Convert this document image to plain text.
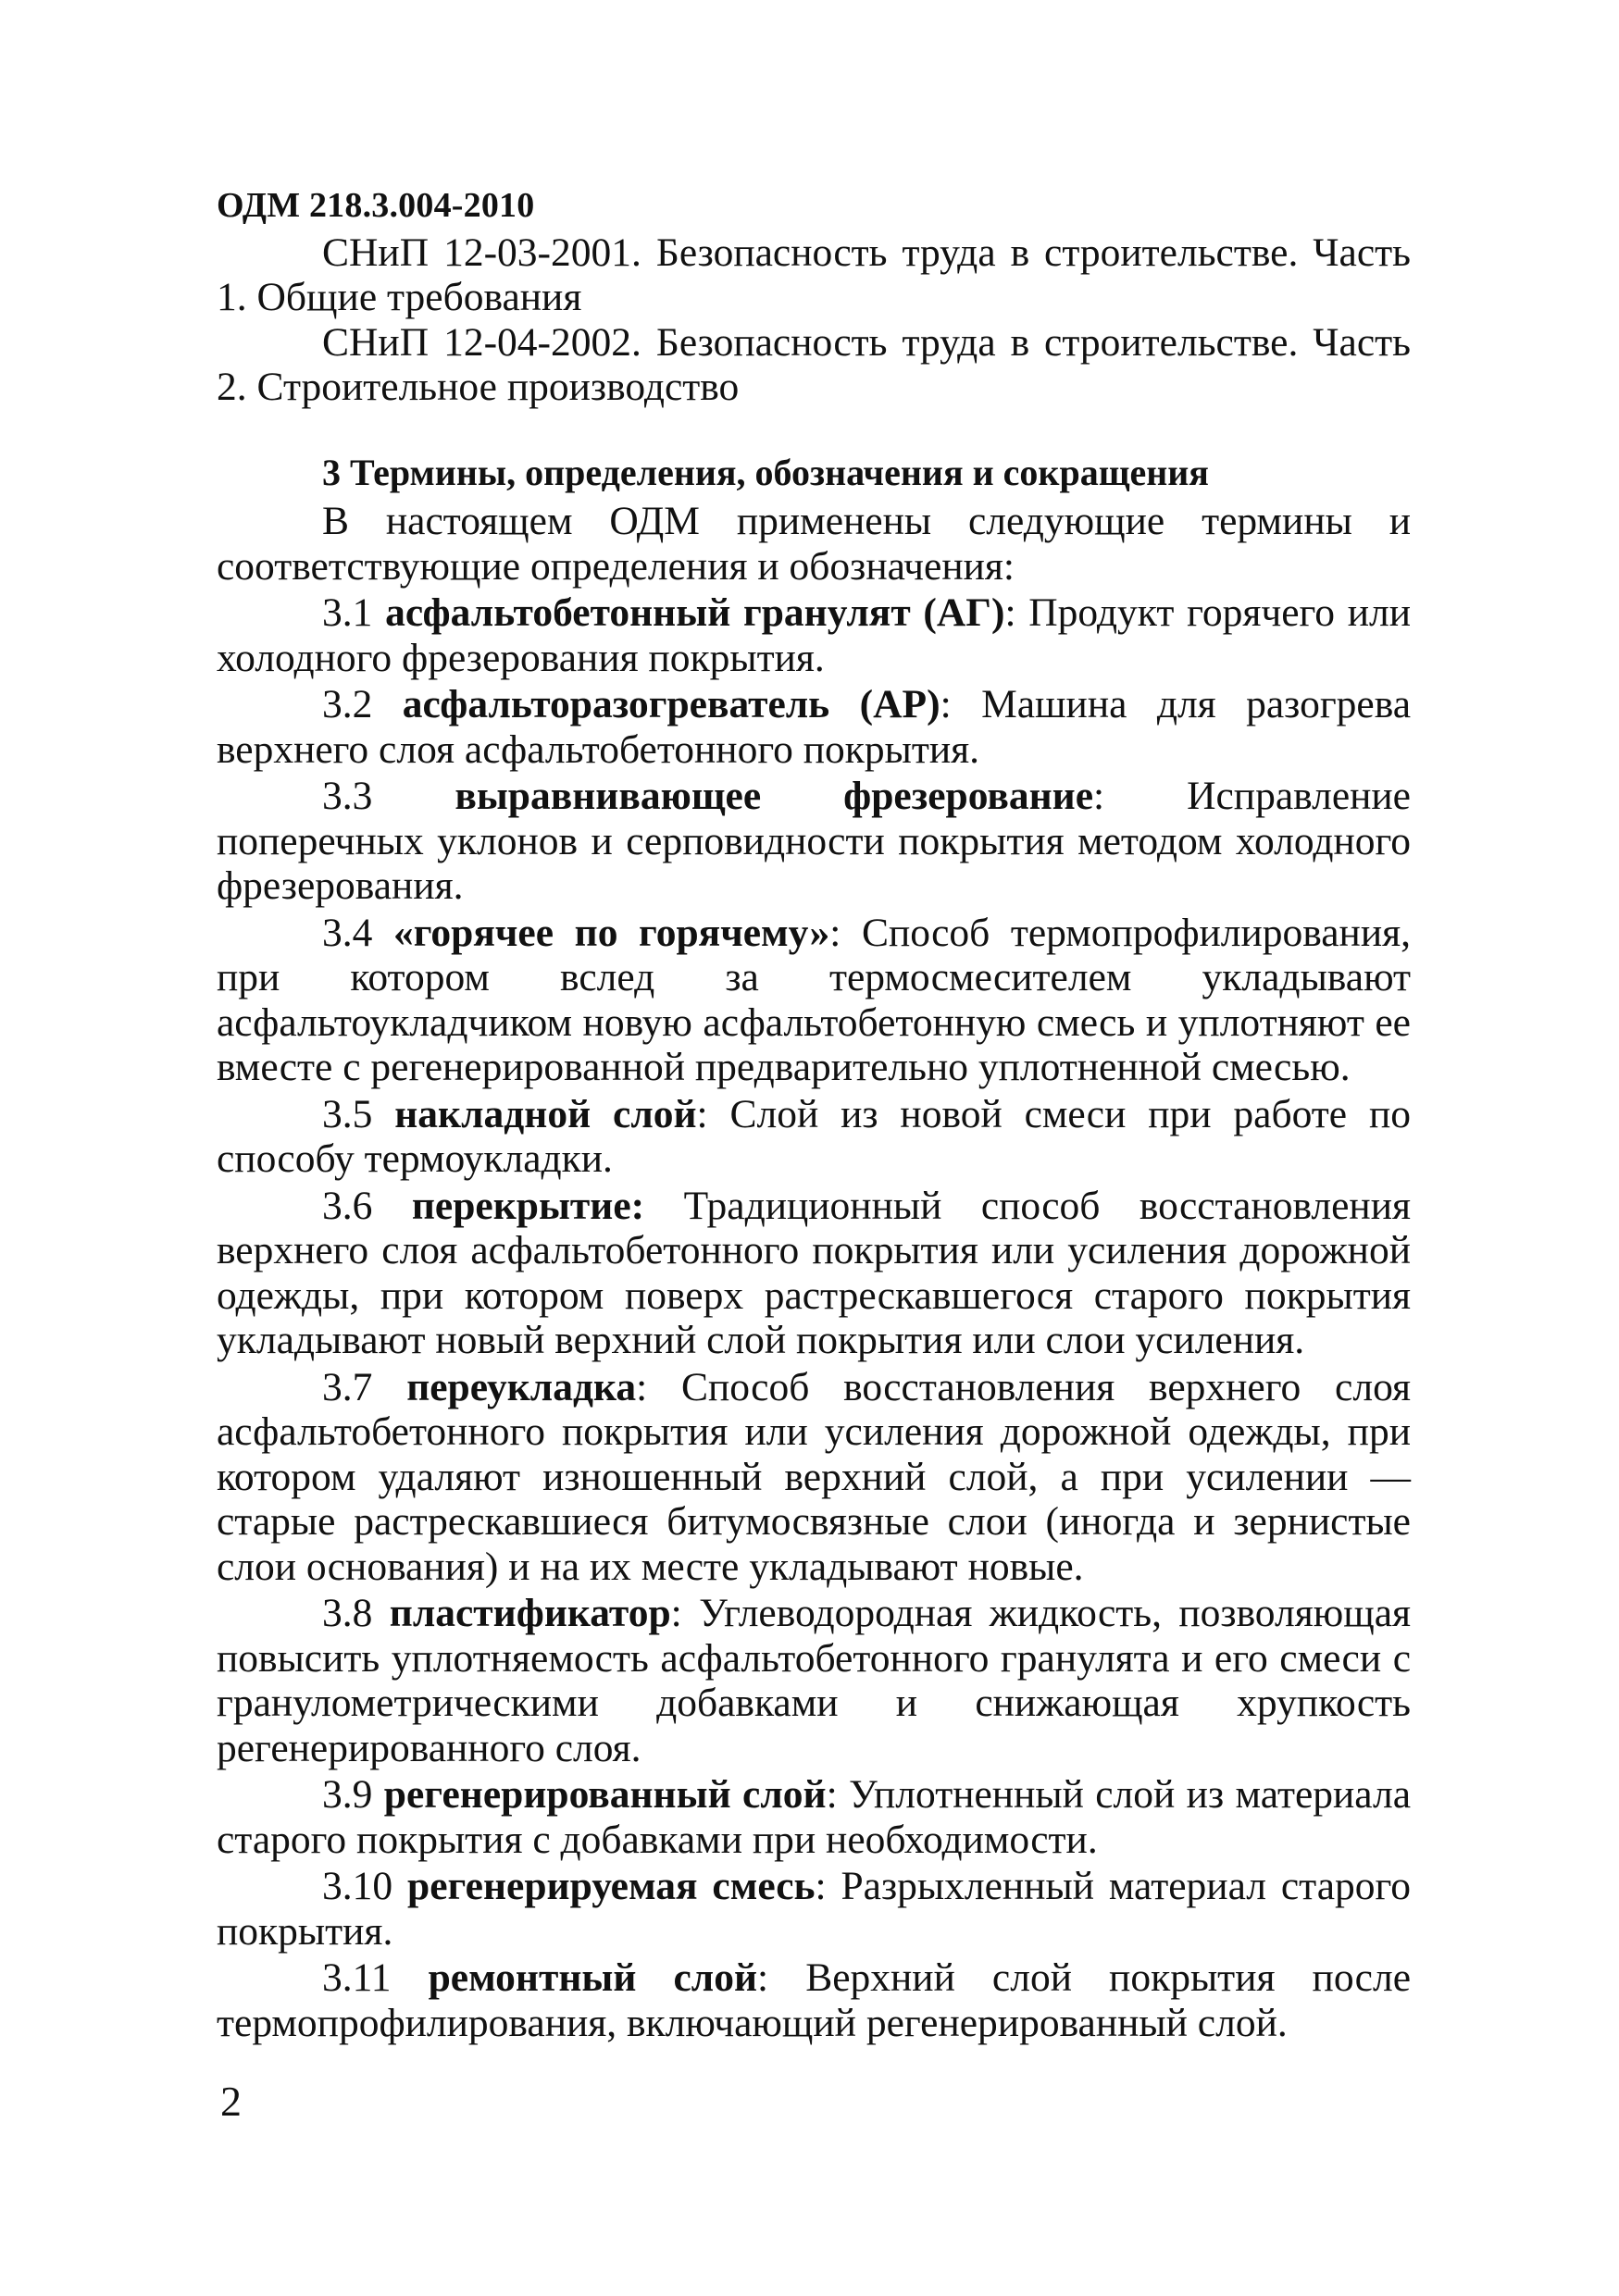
ОДМ 218.3.004-2010

СНиП 12-03-2001. Безопасность труда в строительстве. Часть 1. Общие требования

СНиП 12-04-2002. Безопасность труда в строительстве. Часть 2. Строительное производство

3 Термины, определения, обозначения и сокращения

В настоящем ОДМ применены следующие термины и соответствующие определения и обозначения:

3.1 асфальтобетонный гранулят (АГ): Продукт горячего или холодного фрезерования покрытия.

3.2 асфальторазогреватель (АР): Машина для разогрева верхнего слоя асфальтобетонного покрытия.

3.3 выравнивающее фрезерование: Исправление поперечных уклонов и серповидности покрытия методом холодного фрезерования.

3.4 «горячее по горячему»: Способ термопрофилирования, при котором вслед за термосмесителем укладывают асфальтоукладчиком новую асфальтобетонную смесь и уплотняют ее вместе с регенерированной предварительно уплотненной смесью.

3.5 накладной слой: Слой из новой смеси при работе по способу термоукладки.

3.6 перекрытие: Традиционный способ восстановления верхнего слоя асфальтобетонного покрытия или усиления дорожной одежды, при котором поверх растрескавшегося старого покрытия укладывают новый верхний слой покрытия или слои усиления.

3.7 переукладка: Способ восстановления верхнего слоя асфальтобетонного покрытия или усиления дорожной одежды, при котором удаляют изношенный верхний слой, а при усилении — старые растрескавшиеся битумосвязные слои (иногда и зернистые слои основания) и на их месте укладывают новые.

3.8 пластификатор: Углеводородная жидкость, позволяющая повысить уплотняемость асфальтобетонного гранулята и его смеси с гранулометрическими добавками и снижающая хрупкость регенерированного слоя.

3.9 регенерированный слой: Уплотненный слой из материала старого покрытия с добавками при необходимости.

3.10 регенерируемая смесь: Разрыхленный материал старого покрытия.

3.11 ремонтный слой: Верхний слой покрытия после термопрофилирования, включающий регенерированный слой.

2
